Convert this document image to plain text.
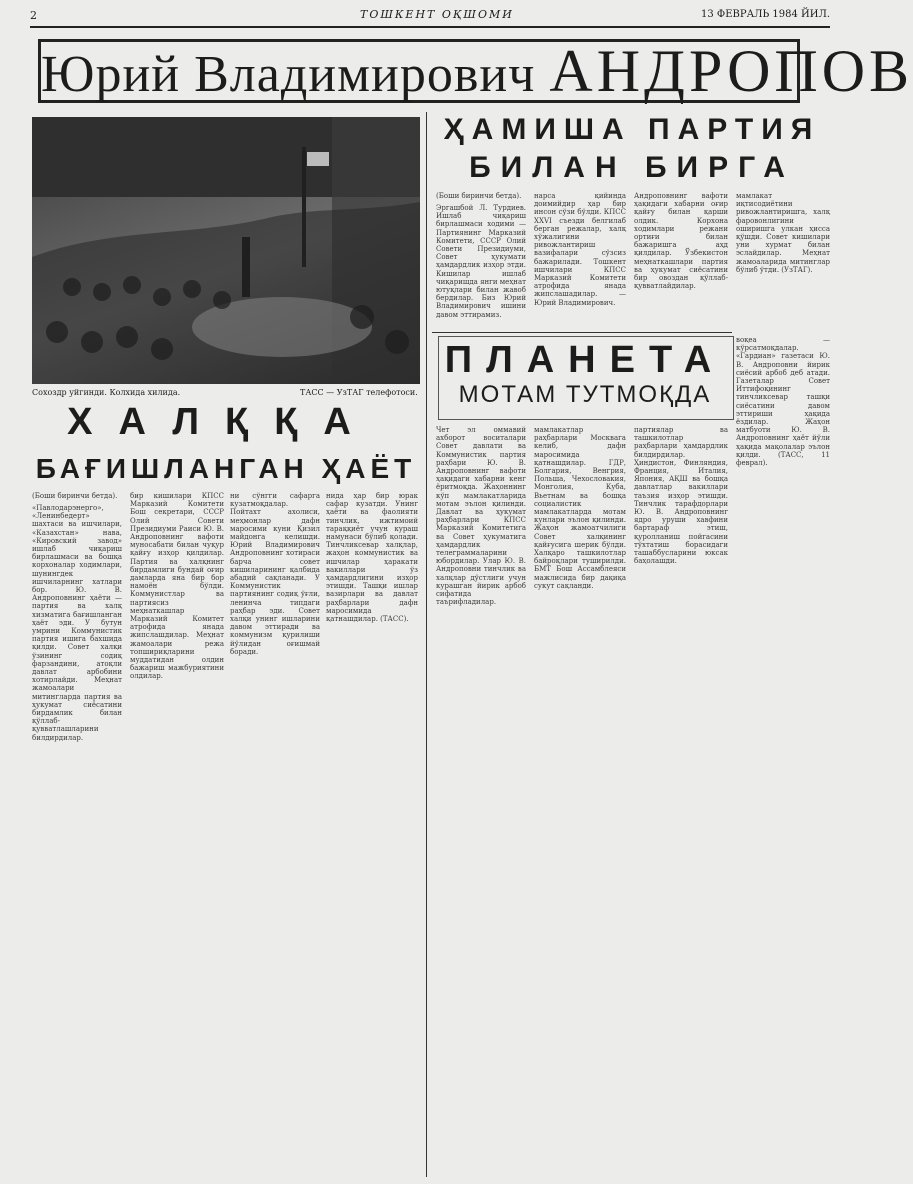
2	ТОШКЕНТ ОҚШОМИ	13 ФЕВРАЛЬ 1984 ЙИЛ.
Юрий Владимирович АНДРОПОВ
Сохоздр уйгинди. Колхида хилида.	ТАСС — УзТАГ телефотоси.
ХАЛҚҚА
БАҒИШЛАНГАН ҲАЁТ
(Боши биринчи бетда).
«Павлодарэнерго», «Ленинбедерт» шахтаси ва ишчилари, «Казахстан» нава, «Кировский завод» ишлаб чиқариш бирлашмаси ва бошқа корхоналар ходимлари, шунингдек ишчиларнинг хатлари бор. Ю. В. Андроповнинг ҳаёти — партия ва халқ хизматига бағишланган ҳаёт эди. У бутун умрини Коммунистик партия ишига бахшида қилди. Совет халқи ўзининг содиқ фарзандини, атоқли давлат арбобини хотирлайди. Меҳнат жамоалари митингларда партия ва ҳукумат сиёсатини бирдамлик билан қўллаб-қувватлашларини билдирдилар.
бир кишилари КПСС Марказий Комитети Бош секретари, СССР Олий Совети Президиуми Раиси Ю. В. Андроповнинг вафоти муносабати билан чуқур қайғу изҳор қилдилар. Партия ва халқнинг бирдамлиги бундай оғир дамларда яна бир бор намоён бўлди. Коммунистлар ва партиясиз меҳнаткашлар Марказий Комитет атрофида янада жипслашдилар. Меҳнат жамоалари режа топшириқларини муддатидан олдин бажариш мажбуриятини олдилар.
ни сўнгги сафарга кузатмоқдалар. Пойтахт ахолиси, меҳмонлар дафн маросими куни Қизил майдонга келишди. Юрий Владимирович Андроповнинг хотираси барча совет кишиларининг қалбида абадий сақланади. У Коммунистик партиянинг содиқ ўғли, ленинча типдаги раҳбар эди. Совет халқи унинг ишларини давом эттиради ва коммунизм қурилиши йўлидан оғишмай боради.
нида ҳар бир юрак сафар кузатди. Унинг ҳаёти ва фаолияти тинчлик, ижтимоий тараққиёт учун кураш намунаси бўлиб қолади. Тинчликсевар халқлар, жаҳон коммунистик ва ишчилар ҳаракати вакиллари ўз ҳамдардлигини изҳор этишди. Ташқи ишлар вазирлари ва давлат раҳбарлари дафн маросимида қатнашдилар. (ТАСС).
ҲАМИША ПАРТИЯ
БИЛАН БИРГА
(Боши биринчи бетда).
Эргашбой Л. Турдиев. Ишлаб чиқариш бирлашмаси ходими — Партиянинг Марказий Комитети, СССР Олий Совети Президиуми, Совет ҳукумати ҳамдардлик изҳор этди. Кишилар ишлаб чиқаришда янги меҳнат ютуқлари билан жавоб бердилар. Биз Юрий Владимирович ишини давом эттирамиз.
нарса қийинда доимийдир ҳар бир инсон сўзи бўлди. КПСС XXVI съезди белгилаб берган режалар, халқ хўжалигини ривожлантириш вазифалари сўзсиз бажарилади. Тошкент ишчилари КПСС Марказий Комитети атрофида янада жипслашадилар. — Юрий Владимирович.
Андроповнинг вафоти ҳақидаги хабарни оғир қайғу билан қарши олдик. Корхона ходимлари режани ортиғи билан бажаришга аҳд қилдилар. Ўзбекистон меҳнаткашлари партия ва ҳукумат сиёсатини бир овоздан қўллаб-қувватлайдилар.
мамлакат иқтисодиётини ривожлантиришга, халқ фаровонлигини оширишга улкан ҳисса қўшди. Совет кишилари уни хурмат билан эслайдилар. Меҳнат жамоаларида митинглар бўлиб ўтди. (УзТАГ).
ПЛАНЕТА
МОТАМ ТУТМОҚДА
Чет эл оммавий ахборот воситалари Совет давлати ва Коммунистик партия раҳбари Ю. В. Андроповнинг вафоти ҳақидаги хабарни кенг ёритмоқда. Жаҳоннинг кўп мамлакатларида мотам эълон қилинди. Давлат ва ҳукумат раҳбарлари КПСС Марказий Комитетига ва Совет ҳукуматига ҳамдардлик телеграммаларини юбордилар. Улар Ю. В. Андроповни тинчлик ва халқлар дўстлиги учун курашган йирик арбоб сифатида таърифладилар.
мамлакатлар раҳбарлари Москвага келиб, дафн маросимида қатнашдилар. ГДР, Болгария, Венгрия, Польша, Чехословакия, Монголия, Куба, Вьетнам ва бошқа социалистик мамлакатларда мотам кунлари эълон қилинди. Жаҳон жамоатчилиги Совет халқининг қайғусига шерик бўлди. Халқаро ташкилотлар байроқлари туширилди. БМТ Бош Ассамблеяси мажлисида бир дақиқа сукут сақланди.
партиялар ва ташкилотлар раҳбарлари ҳамдардлик билдирдилар. Ҳиндистон, Финляндия, Франция, Италия, Япония, АҚШ ва бошқа давлатлар вакиллари таъзия изҳор этишди. Тинчлик тарафдорлари Ю. В. Андроповнинг ядро уруши хавфини бартараф этиш, қуролланиш пойгасини тўхтатиш борасидаги ташаббусларини юксак баҳолашди.
воқеа — кўрсатмоқдалар. «Гардиан» газетаси Ю. В. Андроповни йирик сиёсий арбоб деб атади. Газеталар Совет Иттифоқининг тинчликсевар ташқи сиёсатини давом эттириши ҳақида ёздилар. Жаҳон матбуоти Ю. В. Андроповнинг ҳаёт йўли ҳақида мақолалар эълон қилди. (ТАСС, 11 феврал).
